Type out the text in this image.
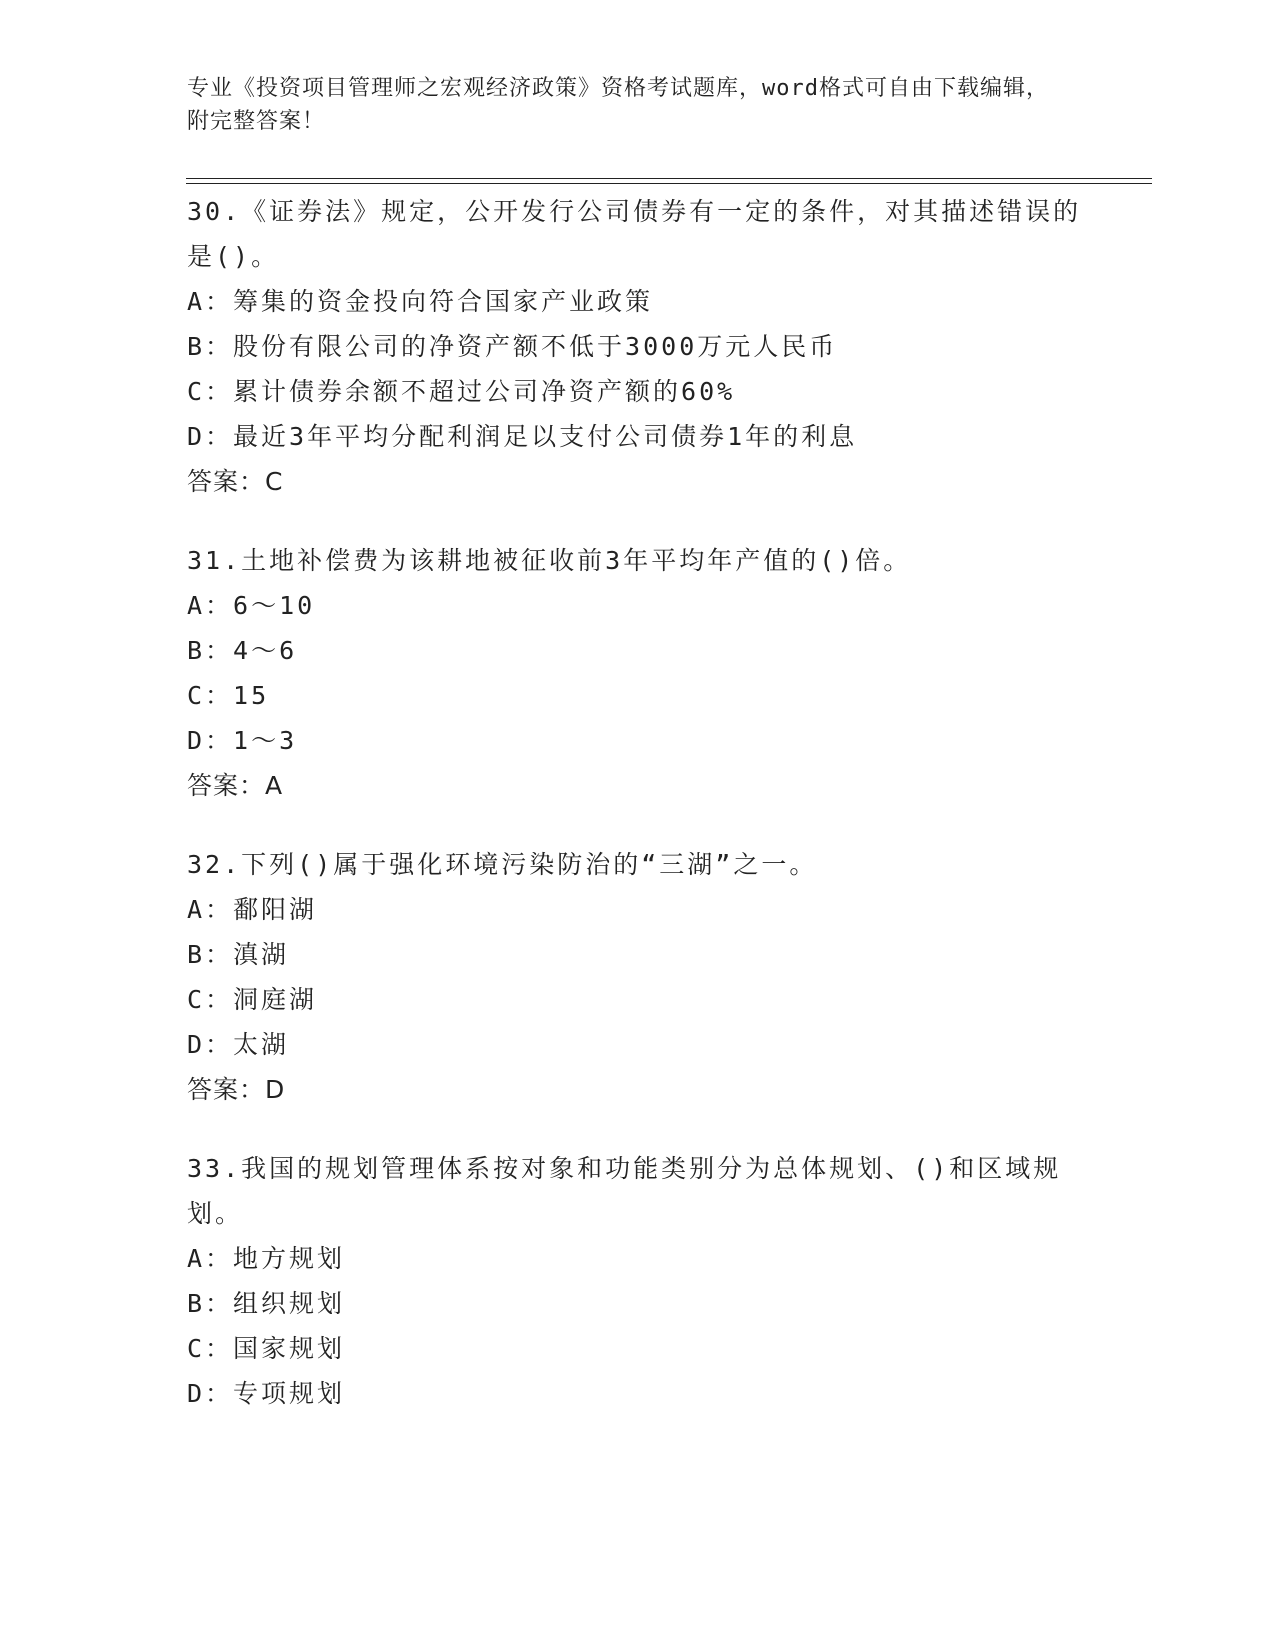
专业《投资项目管理师之宏观经济政策》资格考试题库，word格式可自由下载编辑，附完整答案！

30.《证券法》规定，公开发行公司债券有一定的条件，对其描述错误的是()。

A：筹集的资金投向符合国家产业政策
B：股份有限公司的净资产额不低于3000万元人民币
C：累计债券余额不超过公司净资产额的60%
D：最近3年平均分配利润足以支付公司债券1年的利息
答案：C

31.土地补偿费为该耕地被征收前3年平均年产值的()倍。

A：6～10
B：4～6
C：15
D：1～3
答案：A

32.下列()属于强化环境污染防治的“三湖”之一。

A：鄱阳湖
B：滇湖
C：洞庭湖
D：太湖
答案：D

33.我国的规划管理体系按对象和功能类别分为总体规划、()和区域规划。

A：地方规划
B：组织规划
C：国家规划
D：专项规划
